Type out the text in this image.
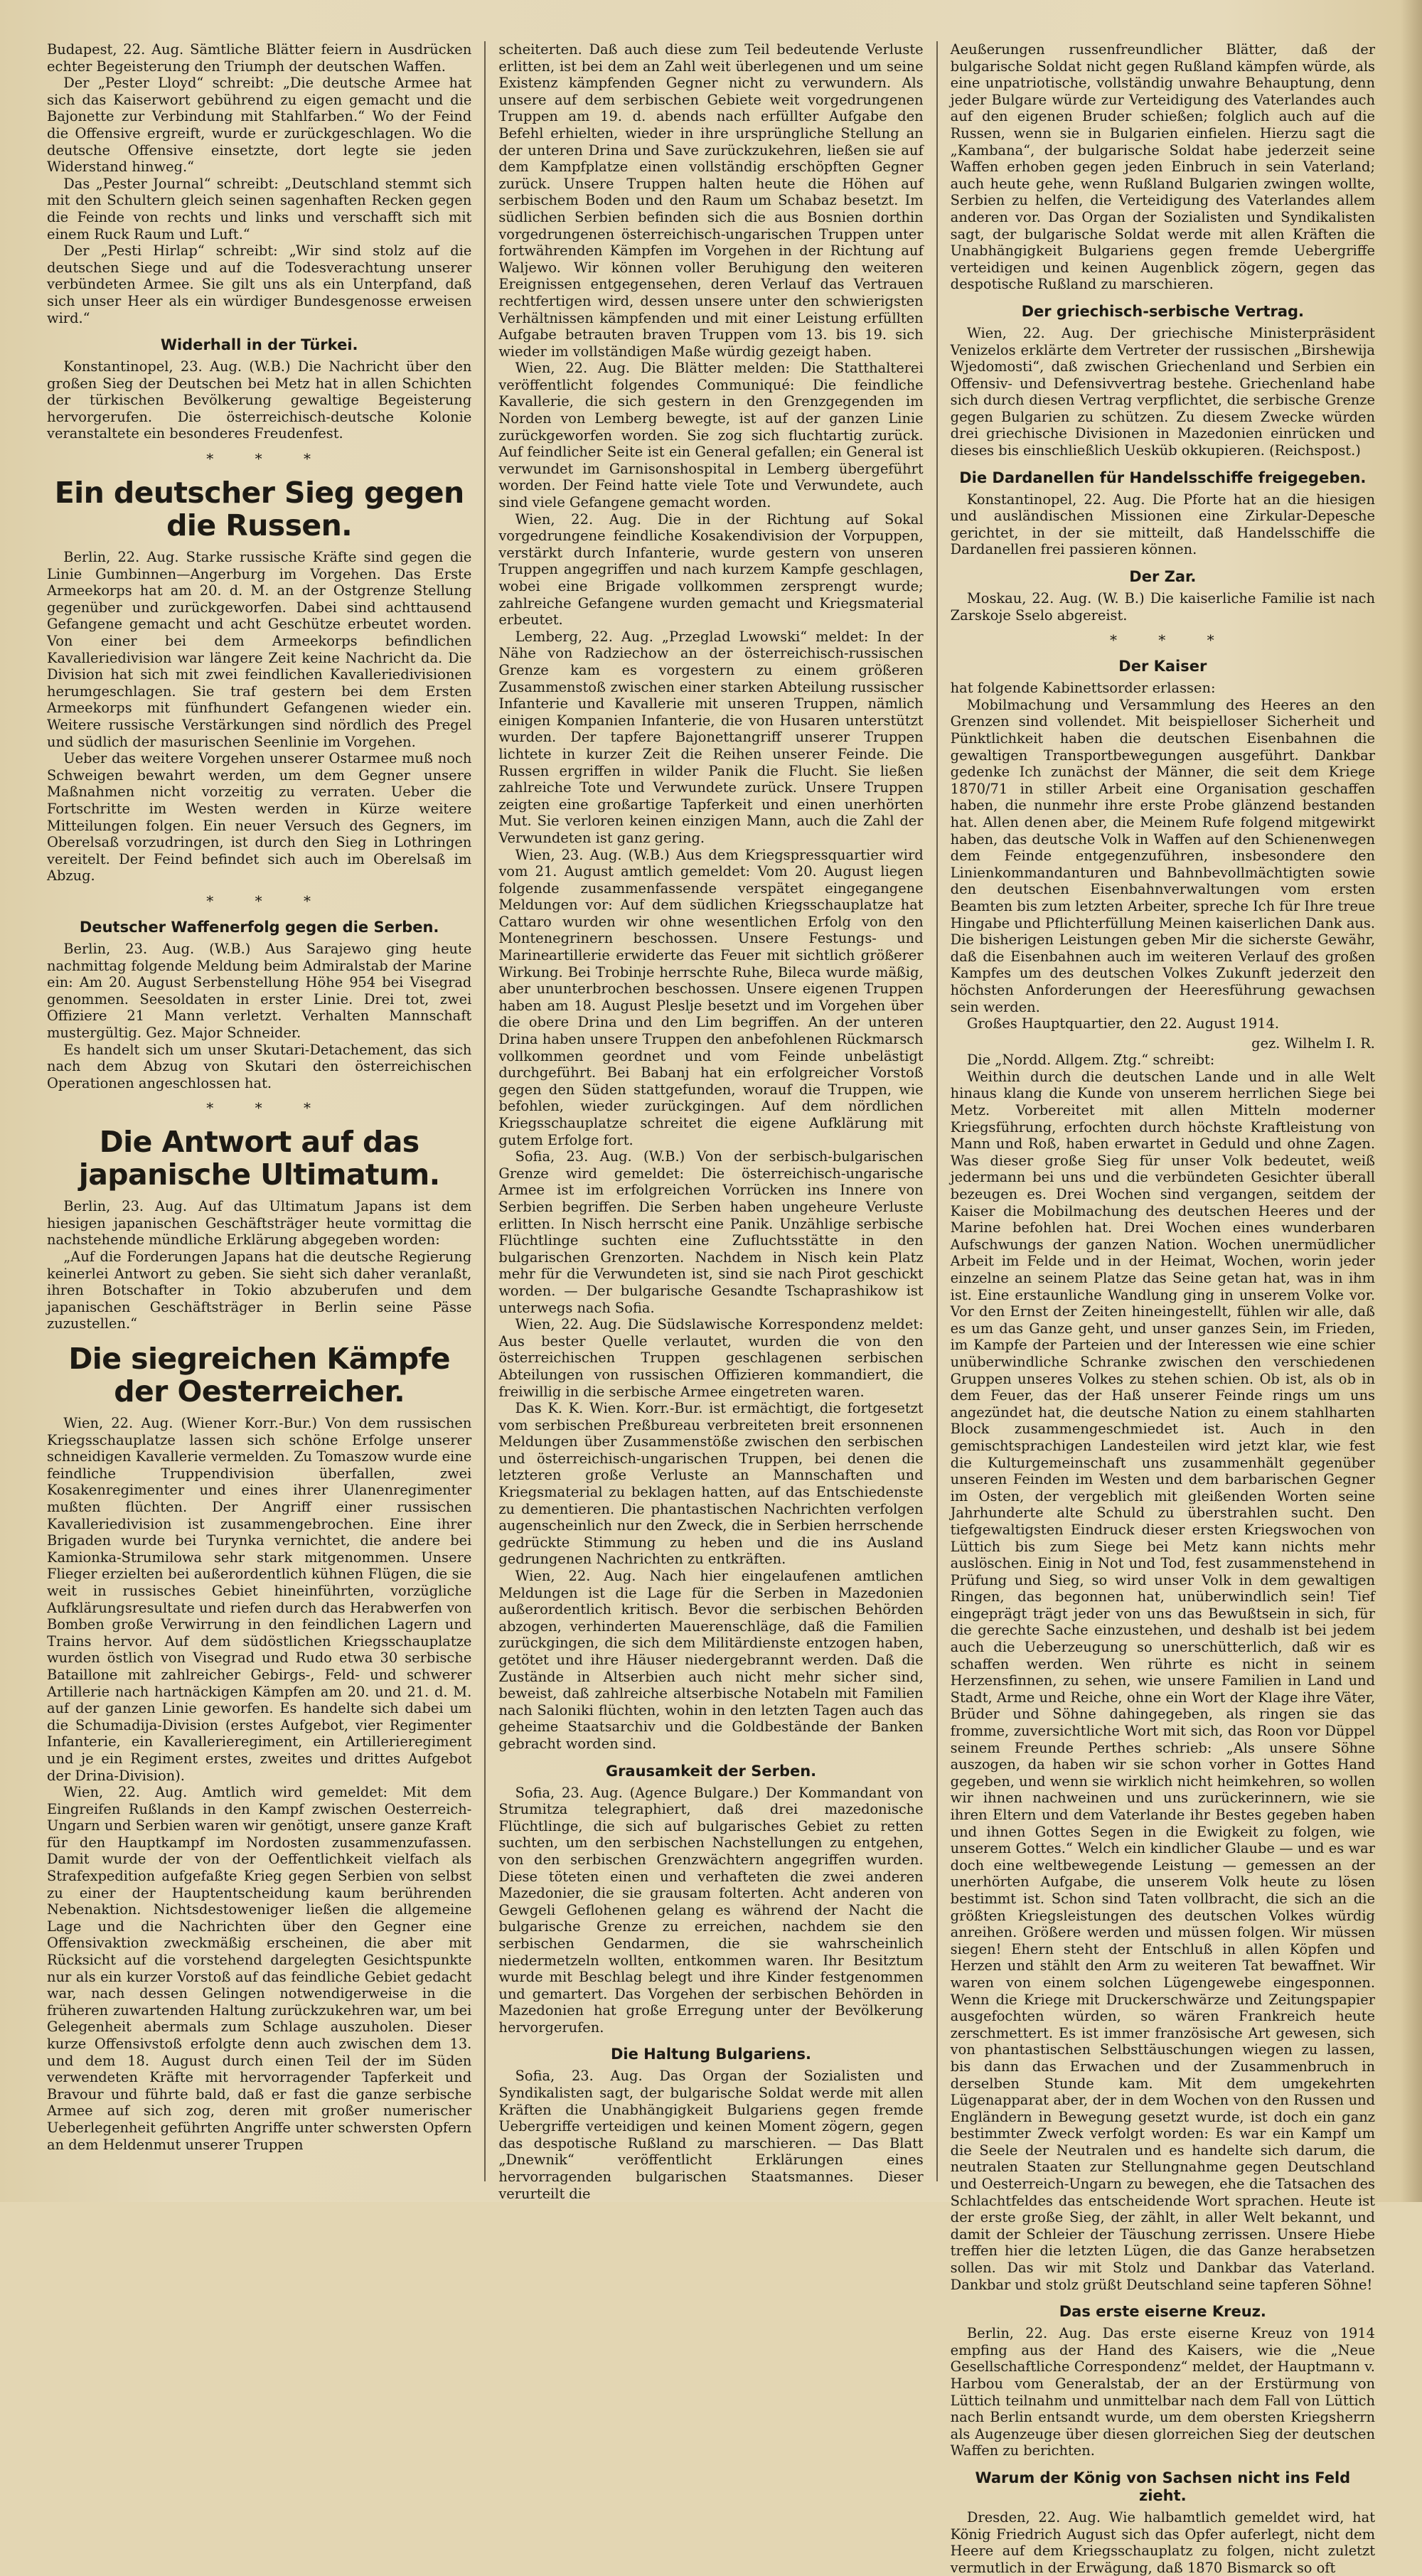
Budapest, 22. Aug. Sämtliche Blätter feiern in Ausdrücken echter Begeisterung den Triumph der deutschen Waffen.

Der „Pester Lloyd“ schreibt: „Die deutsche Armee hat sich das Kaiserwort gebührend zu eigen gemacht und die Bajonette zur Verbindung mit Stahlfarben.“ Wo der Feind die Offensive ergreift, wurde er zurückgeschlagen. Wo die deutsche Offensive einsetzte, dort legte sie jeden Widerstand hinweg.“

Das „Pester Journal“ schreibt: „Deutschland stemmt sich mit den Schultern gleich seinen sagenhaften Recken gegen die Feinde von rechts und links und verschafft sich mit einem Ruck Raum und Luft.“

Der „Pesti Hirlap“ schreibt: „Wir sind stolz auf die deutschen Siege und auf die Todesverachtung unserer verbündeten Armee. Sie gilt uns als ein Unterpfand, daß sich unser Heer als ein würdiger Bundesgenosse erweisen wird.“

Widerhall in der Türkei.

Konstantinopel, 23. Aug. (W.B.) Die Nachricht über den großen Sieg der Deutschen bei Metz hat in allen Schichten der türkischen Bevölkerung gewaltige Begeisterung hervorgerufen. Die österreichisch-deutsche Kolonie veranstaltete ein besonderes Freudenfest.

* * *
Ein deutscher Sieg gegen die Russen.

Berlin, 22. Aug. Starke russische Kräfte sind gegen die Linie Gumbinnen—Angerburg im Vorgehen. Das Erste Armeekorps hat am 20. d. M. an der Ostgrenze Stellung gegenüber und zurückgeworfen. Dabei sind achttausend Gefangene gemacht und acht Geschütze erbeutet worden. Von einer bei dem Armeekorps befindlichen Kavalleriedivision war längere Zeit keine Nachricht da. Die Division hat sich mit zwei feindlichen Kavalleriedivisionen herumgeschlagen. Sie traf gestern bei dem Ersten Armeekorps mit fünfhundert Gefangenen wieder ein. Weitere russische Verstärkungen sind nördlich des Pregel und südlich der masurischen Seenlinie im Vorgehen.

Ueber das weitere Vorgehen unserer Ostarmee muß noch Schweigen bewahrt werden, um dem Gegner unsere Maßnahmen nicht vorzeitig zu verraten. Ueber die Fortschritte im Westen werden in Kürze weitere Mitteilungen folgen. Ein neuer Versuch des Gegners, im Oberelsaß vorzudringen, ist durch den Sieg in Lothringen vereitelt. Der Feind befindet sich auch im Oberelsaß im Abzug.

* * *
Deutscher Waffenerfolg gegen die Serben.

Berlin, 23. Aug. (W.B.) Aus Sarajewo ging heute nachmittag folgende Meldung beim Admiralstab der Marine ein: Am 20. August Serbenstellung Höhe 954 bei Visegrad genommen. Seesoldaten in erster Linie. Drei tot, zwei Offiziere 21 Mann verletzt. Verhalten Mannschaft mustergültig. Gez. Major Schneider.

Es handelt sich um unser Skutari-Detachement, das sich nach dem Abzug von Skutari den österreichischen Operationen angeschlossen hat.

* * *
Die Antwort auf das japanische Ultimatum.

Berlin, 23. Aug. Auf das Ultimatum Japans ist dem hiesigen japanischen Geschäftsträger heute vormittag die nachstehende mündliche Erklärung abgegeben worden:

„Auf die Forderungen Japans hat die deutsche Regierung keinerlei Antwort zu geben. Sie sieht sich daher veranlaßt, ihren Botschafter in Tokio abzuberufen und dem japanischen Geschäftsträger in Berlin seine Pässe zuzustellen.“

Die siegreichen Kämpfe der Oesterreicher.

Wien, 22. Aug. (Wiener Korr.-Bur.) Von dem russischen Kriegsschauplatze lassen sich schöne Erfolge unserer schneidigen Kavallerie vermelden. Zu Tomaszow wurde eine feindliche Truppendivision überfallen, zwei Kosakenregimenter und eines ihrer Ulanenregimenter mußten flüchten. Der Angriff einer russischen Kavalleriedivision ist zusammengebrochen. Eine ihrer Brigaden wurde bei Turynka vernichtet, die andere bei Kamionka-Strumilowa sehr stark mitgenommen. Unsere Flieger erzielten bei außerordentlich kühnen Flügen, die sie weit in russisches Gebiet hineinführten, vorzügliche Aufklärungsresultate und riefen durch das Herabwerfen von Bomben große Verwirrung in den feindlichen Lagern und Trains hervor. Auf dem südöstlichen Kriegsschauplatze wurden östlich von Visegrad und Rudo etwa 30 serbische Bataillone mit zahlreicher Gebirgs-, Feld- und schwerer Artillerie nach hartnäckigen Kämpfen am 20. und 21. d. M. auf der ganzen Linie geworfen. Es handelte sich dabei um die Schumadija-Division (erstes Aufgebot, vier Regimenter Infanterie, ein Kavallerieregiment, ein Artillerieregiment und je ein Regiment erstes, zweites und drittes Aufgebot der Drina-Division).

Wien, 22. Aug. Amtlich wird gemeldet: Mit dem Eingreifen Rußlands in den Kampf zwischen Oesterreich-Ungarn und Serbien waren wir genötigt, unsere ganze Kraft für den Hauptkampf im Nordosten zusammenzufassen. Damit wurde der von der Oeffentlichkeit vielfach als Strafexpedition aufgefaßte Krieg gegen Serbien von selbst zu einer der Hauptentscheidung kaum berührenden Nebenaktion. Nichtsdestoweniger ließen die allgemeine Lage und die Nachrichten über den Gegner eine Offensivaktion zweckmäßig erscheinen, die aber mit Rücksicht auf die vorstehend dargelegten Gesichtspunkte nur als ein kurzer Vorstoß auf das feindliche Gebiet gedacht war, nach dessen Gelingen notwendigerweise in die früheren zuwartenden Haltung zurückzukehren war, um bei Gelegenheit abermals zum Schlage auszuholen. Dieser kurze Offensivstoß erfolgte denn auch zwischen dem 13. und dem 18. August durch einen Teil der im Süden verwendeten Kräfte mit hervorragender Tapferkeit und Bravour und führte bald, daß er fast die ganze serbische Armee auf sich zog, deren mit großer numerischer Ueberlegenheit geführten Angriffe unter schwersten Opfern an dem Heldenmut unserer Truppen

scheiterten. Daß auch diese zum Teil bedeutende Verluste erlitten, ist bei dem an Zahl weit überlegenen und um seine Existenz kämpfenden Gegner nicht zu verwundern. Als unsere auf dem serbischen Gebiete weit vorgedrungenen Truppen am 19. d. abends nach erfüllter Aufgabe den Befehl erhielten, wieder in ihre ursprüngliche Stellung an der unteren Drina und Save zurückzukehren, ließen sie auf dem Kampfplatze einen vollständig erschöpften Gegner zurück. Unsere Truppen halten heute die Höhen auf serbischem Boden und den Raum um Schabaz besetzt. Im südlichen Serbien befinden sich die aus Bosnien dorthin vorgedrungenen österreichisch-ungarischen Truppen unter fortwährenden Kämpfen im Vorgehen in der Richtung auf Waljewo. Wir können voller Beruhigung den weiteren Ereignissen entgegensehen, deren Verlauf das Vertrauen rechtfertigen wird, dessen unsere unter den schwierigsten Verhältnissen kämpfenden und mit einer Leistung erfüllten Aufgabe betrauten braven Truppen vom 13. bis 19. sich wieder im vollständigen Maße würdig gezeigt haben.

Wien, 22. Aug. Die Blätter melden: Die Statthalterei veröffentlicht folgendes Communiqué: Die feindliche Kavallerie, die sich gestern in den Grenzgegenden im Norden von Lemberg bewegte, ist auf der ganzen Linie zurückgeworfen worden. Sie zog sich fluchtartig zurück. Auf feindlicher Seite ist ein General gefallen; ein General ist verwundet im Garnisonshospital in Lemberg übergeführt worden. Der Feind hatte viele Tote und Verwundete, auch sind viele Gefangene gemacht worden.

Wien, 22. Aug. Die in der Richtung auf Sokal vorgedrungene feindliche Kosakendivision der Vorpuppen, verstärkt durch Infanterie, wurde gestern von unseren Truppen angegriffen und nach kurzem Kampfe geschlagen, wobei eine Brigade vollkommen zersprengt wurde; zahlreiche Gefangene wurden gemacht und Kriegsmaterial erbeutet.

Lemberg, 22. Aug. „Przeglad Lwowski“ meldet: In der Nähe von Radziechow an der österreichisch-russischen Grenze kam es vorgestern zu einem größeren Zusammenstoß zwischen einer starken Abteilung russischer Infanterie und Kavallerie mit unseren Truppen, nämlich einigen Kompanien Infanterie, die von Husaren unterstützt wurden. Der tapfere Bajonettangriff unserer Truppen lichtete in kurzer Zeit die Reihen unserer Feinde. Die Russen ergriffen in wilder Panik die Flucht. Sie ließen zahlreiche Tote und Verwundete zurück. Unsere Truppen zeigten eine großartige Tapferkeit und einen unerhörten Mut. Sie verloren keinen einzigen Mann, auch die Zahl der Verwundeten ist ganz gering.

Wien, 23. Aug. (W.B.) Aus dem Kriegspressquartier wird vom 21. August amtlich gemeldet: Vom 20. August liegen folgende zusammenfassende verspätet eingegangene Meldungen vor: Auf dem südlichen Kriegsschauplatze hat Cattaro wurden wir ohne wesentlichen Erfolg von den Montenegrinern beschossen. Unsere Festungs- und Marineartillerie erwiderte das Feuer mit sichtlich größerer Wirkung. Bei Trobinje herrschte Ruhe, Bileca wurde mäßig, aber ununterbrochen beschossen. Unsere eigenen Truppen haben am 18. August Pleslje besetzt und im Vorgehen über die obere Drina und den Lim begriffen. An der unteren Drina haben unsere Truppen den anbefohlenen Rückmarsch vollkommen geordnet und vom Feinde unbelästigt durchgeführt. Bei Babanj hat ein erfolgreicher Vorstoß gegen den Süden stattgefunden, worauf die Truppen, wie befohlen, wieder zurückgingen. Auf dem nördlichen Kriegsschauplatze schreitet die eigene Aufklärung mit gutem Erfolge fort.

Sofia, 23. Aug. (W.B.) Von der serbisch-bulgarischen Grenze wird gemeldet: Die österreichisch-ungarische Armee ist im erfolgreichen Vorrücken ins Innere von Serbien begriffen. Die Serben haben ungeheure Verluste erlitten. In Nisch herrscht eine Panik. Unzählige serbische Flüchtlinge suchten eine Zufluchtsstätte in den bulgarischen Grenzorten. Nachdem in Nisch kein Platz mehr für die Verwundeten ist, sind sie nach Pirot geschickt worden. — Der bulgarische Gesandte Tschaprashikow ist unterwegs nach Sofia.

Wien, 22. Aug. Die Südslawische Korrespondenz meldet: Aus bester Quelle verlautet, wurden die von den österreichischen Truppen geschlagenen serbischen Abteilungen von russischen Offizieren kommandiert, die freiwillig in die serbische Armee eingetreten waren.

Das K. K. Wien. Korr.-Bur. ist ermächtigt, die fortgesetzt vom serbischen Preßbureau verbreiteten breit ersonnenen Meldungen über Zusammenstöße zwischen den serbischen und österreichisch-ungarischen Truppen, bei denen die letzteren große Verluste an Mannschaften und Kriegsmaterial zu beklagen hatten, auf das Entschiedenste zu dementieren. Die phantastischen Nachrichten verfolgen augenscheinlich nur den Zweck, die in Serbien herrschende gedrückte Stimmung zu heben und die ins Ausland gedrungenen Nachrichten zu entkräften.

Wien, 22. Aug. Nach hier eingelaufenen amtlichen Meldungen ist die Lage für die Serben in Mazedonien außerordentlich kritisch. Bevor die serbischen Behörden abzogen, verhinderten Mauerenschläge, daß die Familien zurückgingen, die sich dem Militärdienste entzogen haben, getötet und ihre Häuser niedergebrannt werden. Daß die Zustände in Altserbien auch nicht mehr sicher sind, beweist, daß zahlreiche altserbische Notabeln mit Familien nach Saloniki flüchten, wohin in den letzten Tagen auch das geheime Staatsarchiv und die Goldbestände der Banken gebracht worden sind.

Grausamkeit der Serben.

Sofia, 23. Aug. (Agence Bulgare.) Der Kommandant von Strumitza telegraphiert, daß drei mazedonische Flüchtlinge, die sich auf bulgarisches Gebiet zu retten suchten, um den serbischen Nachstellungen zu entgehen, von den serbischen Grenzwächtern angegriffen wurden. Diese töteten einen und verhafteten die zwei anderen Mazedonier, die sie grausam folterten. Acht anderen von Gewgeli Geflohenen gelang es während der Nacht die bulgarische Grenze zu erreichen, nachdem sie den serbischen Gendarmen, die sie wahrscheinlich niedermetzeln wollten, entkommen waren. Ihr Besitztum wurde mit Beschlag belegt und ihre Kinder festgenommen und gemartert. Das Vorgehen der serbischen Behörden in Mazedonien hat große Erregung unter der Bevölkerung hervorgerufen.

Die Haltung Bulgariens.

Sofia, 23. Aug. Das Organ der Sozialisten und Syndikalisten sagt, der bulgarische Soldat werde mit allen Kräften die Unabhängigkeit Bulgariens gegen fremde Uebergriffe verteidigen und keinen Moment zögern, gegen das despotische Rußland zu marschieren. — Das Blatt „Dnewnik“ veröffentlicht Erklärungen eines hervorragenden bulgarischen Staatsmannes. Dieser verurteilt die

Aeußerungen russenfreundlicher Blätter, daß der bulgarische Soldat nicht gegen Rußland kämpfen würde, als eine unpatriotische, vollständig unwahre Behauptung, denn jeder Bulgare würde zur Verteidigung des Vaterlandes auch auf den eigenen Bruder schießen; folglich auch auf die Russen, wenn sie in Bulgarien einfielen. Hierzu sagt die „Kambana“, der bulgarische Soldat habe jederzeit seine Waffen erhoben gegen jeden Einbruch in sein Vaterland; auch heute gehe, wenn Rußland Bulgarien zwingen wollte, Serbien zu helfen, die Verteidigung des Vaterlandes allem anderen vor. Das Organ der Sozialisten und Syndikalisten sagt, der bulgarische Soldat werde mit allen Kräften die Unabhängigkeit Bulgariens gegen fremde Uebergriffe verteidigen und keinen Augenblick zögern, gegen das despotische Rußland zu marschieren.

Der griechisch-serbische Vertrag.

Wien, 22. Aug. Der griechische Ministerpräsident Venizelos erklärte dem Vertreter der russischen „Birshewija Wjedomosti“, daß zwischen Griechenland und Serbien ein Offensiv- und Defensivvertrag bestehe. Griechenland habe sich durch diesen Vertrag verpflichtet, die serbische Grenze gegen Bulgarien zu schützen. Zu diesem Zwecke würden drei griechische Divisionen in Mazedonien einrücken und dieses bis einschließlich Uesküb okkupieren. (Reichspost.)

Die Dardanellen für Handelsschiffe freigegeben.

Konstantinopel, 22. Aug. Die Pforte hat an die hiesigen und ausländischen Missionen eine Zirkular-Depesche gerichtet, in der sie mitteilt, daß Handelsschiffe die Dardanellen frei passieren können.

Der Zar.

Moskau, 22. Aug. (W. B.) Die kaiserliche Familie ist nach Zarskoje Sselo abgereist.

* * *
Der Kaiser

hat folgende Kabinettsorder erlassen:

Mobilmachung und Versammlung des Heeres an den Grenzen sind vollendet. Mit beispielloser Sicherheit und Pünktlichkeit haben die deutschen Eisenbahnen die gewaltigen Transportbewegungen ausgeführt. Dankbar gedenke Ich zunächst der Männer, die seit dem Kriege 1870/71 in stiller Arbeit eine Organisation geschaffen haben, die nunmehr ihre erste Probe glänzend bestanden hat. Allen denen aber, die Meinem Rufe folgend mitgewirkt haben, das deutsche Volk in Waffen auf den Schienenwegen dem Feinde entgegenzuführen, insbesondere den Linienkommandanturen und Bahnbevollmächtigten sowie den deutschen Eisenbahnverwaltungen vom ersten Beamten bis zum letzten Arbeiter, spreche Ich für Ihre treue Hingabe und Pflichterfüllung Meinen kaiserlichen Dank aus. Die bisherigen Leistungen geben Mir die sicherste Gewähr, daß die Eisenbahnen auch im weiteren Verlauf des großen Kampfes um des deutschen Volkes Zukunft jederzeit den höchsten Anforderungen der Heeresführung gewachsen sein werden.

Großes Hauptquartier, den 22. August 1914.

gez. Wilhelm I. R.

Die „Nordd. Allgem. Ztg.“ schreibt:

Weithin durch die deutschen Lande und in alle Welt hinaus klang die Kunde von unserem herrlichen Siege bei Metz. Vorbereitet mit allen Mitteln moderner Kriegsführung, erfochten durch höchste Kraftleistung von Mann und Roß, haben erwartet in Geduld und ohne Zagen. Was dieser große Sieg für unser Volk bedeutet, weiß jedermann bei uns und die verbündeten Gesichter überall bezeugen es. Drei Wochen sind vergangen, seitdem der Kaiser die Mobilmachung des deutschen Heeres und der Marine befohlen hat. Drei Wochen eines wunderbaren Aufschwungs der ganzen Nation. Wochen unermüdlicher Arbeit im Felde und in der Heimat, Wochen, worin jeder einzelne an seinem Platze das Seine getan hat, was in ihm ist. Eine erstaunliche Wandlung ging in unserem Volke vor. Vor den Ernst der Zeiten hineingestellt, fühlen wir alle, daß es um das Ganze geht, und unser ganzes Sein, im Frieden, im Kampfe der Parteien und der Interessen wie eine schier unüberwindliche Schranke zwischen den verschiedenen Gruppen unseres Volkes zu stehen schien. Ob ist, als ob in dem Feuer, das der Haß unserer Feinde rings um uns angezündet hat, die deutsche Nation zu einem stahlharten Block zusammengeschmiedet ist. Auch in den gemischtsprachigen Landesteilen wird jetzt klar, wie fest die Kulturgemeinschaft uns zusammenhält gegenüber unseren Feinden im Westen und dem barbarischen Gegner im Osten, der vergeblich mit gleißenden Worten seine Jahrhunderte alte Schuld zu überstrahlen sucht. Den tiefgewaltigsten Eindruck dieser ersten Kriegswochen von Lüttich bis zum Siege bei Metz kann nichts mehr auslöschen. Einig in Not und Tod, fest zusammenstehend in Prüfung und Sieg, so wird unser Volk in dem gewaltigen Ringen, das begonnen hat, unüberwindlich sein! Tief eingeprägt trägt jeder von uns das Bewußtsein in sich, für die gerechte Sache einzustehen, und deshalb ist bei jedem auch die Ueberzeugung so unerschütterlich, daß wir es schaffen werden. Wen rührte es nicht in seinem Herzensfinnen, zu sehen, wie unsere Familien in Land und Stadt, Arme und Reiche, ohne ein Wort der Klage ihre Väter, Brüder und Söhne dahingegeben, als ringen sie das fromme, zuversichtliche Wort mit sich, das Roon vor Düppel seinem Freunde Perthes schrieb: „Als unsere Söhne auszogen, da haben wir sie schon vorher in Gottes Hand gegeben, und wenn sie wirklich nicht heimkehren, so wollen wir ihnen nachweinen und uns zurückerinnern, wie sie ihren Eltern und dem Vaterlande ihr Bestes gegeben haben und ihnen Gottes Segen in die Ewigkeit zu folgen, wie unserem Gottes.“ Welch ein kindlicher Glaube — und es war doch eine weltbewegende Leistung — gemessen an der unerhörten Aufgabe, die unserem Volk heute zu lösen bestimmt ist. Schon sind Taten vollbracht, die sich an die größten Kriegsleistungen des deutschen Volkes würdig anreihen. Größere werden und müssen folgen. Wir müssen siegen! Ehern steht der Entschluß in allen Köpfen und Herzen und stählt den Arm zu weiteren Tat bewaffnet. Wir waren von einem solchen Lügengewebe eingesponnen. Wenn die Kriege mit Druckerschwärze und Zeitungspapier ausgefochten würden, so wären Frankreich heute zerschmettert. Es ist immer französische Art gewesen, sich von phantastischen Selbsttäuschungen wiegen zu lassen, bis dann das Erwachen und der Zusammenbruch in derselben Stunde kam. Mit dem umgekehrten Lügenapparat aber, der in dem Wochen von den Russen und Engländern in Bewegung gesetzt wurde, ist doch ein ganz bestimmter Zweck verfolgt worden: Es war ein Kampf um die Seele der Neutralen und es handelte sich darum, die neutralen Staaten zur Stellungnahme gegen Deutschland und Oesterreich-Ungarn zu bewegen, ehe die Tatsachen des Schlachtfeldes das entscheidende Wort sprachen. Heute ist der erste große Sieg, der zählt, in aller Welt bekannt, und damit der Schleier der Täuschung zerrissen. Unsere Hiebe treffen hier die letzten Lügen, die das Ganze herabsetzen sollen. Das wir mit Stolz und Dankbar das Vaterland. Dankbar und stolz grüßt Deutschland seine tapferen Söhne!

Das erste eiserne Kreuz.

Berlin, 22. Aug. Das erste eiserne Kreuz von 1914 empfing aus der Hand des Kaisers, wie die „Neue Gesellschaftliche Correspondenz“ meldet, der Hauptmann v. Harbou vom Generalstab, der an der Erstürmung von Lüttich teilnahm und unmittelbar nach dem Fall von Lüttich nach Berlin entsandt wurde, um dem obersten Kriegsherrn als Augenzeuge über diesen glorreichen Sieg der deutschen Waffen zu berichten.

Warum der König von Sachsen nicht ins Feld zieht.

Dresden, 22. Aug. Wie halbamtlich gemeldet wird, hat König Friedrich August sich das Opfer auferlegt, nicht dem Heere auf dem Kriegsschauplatz zu folgen, nicht zuletzt vermutlich in der Erwägung, daß 1870 Bismarck so oft
